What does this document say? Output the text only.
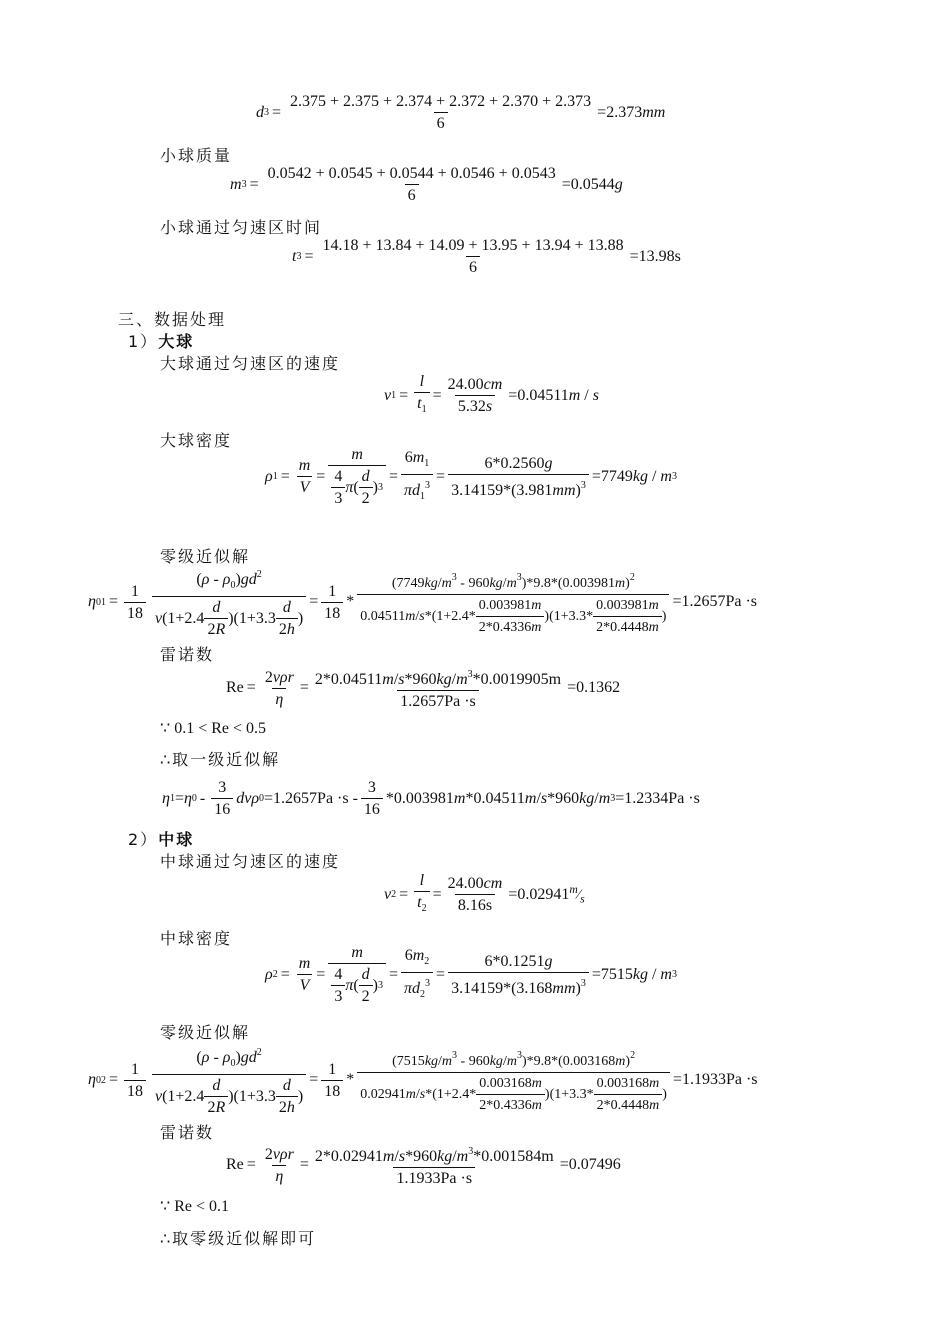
d $3 = \frac{2.375 + 2.375 + 2.374 + 2.372 + 2.370 + 2.373}{6} = 2.373$ mm
小球质量
m $3 = \frac{0.0542 + 0.0545 + 0.0544 + 0.0546 + 0.0543}{6} = 0.0544$ g
小球通过匀速区时间
t $3 = \frac{14.18 + 13.84 + 14.09 + 13.95 + 13.94 + 13.88}{6} = 13.98$ s
三、数据处理
1）大球
大球通过匀速区的速度
v $1 = \frac{l}{t_1} = \frac{24.00cm}{5.32s} = 0.04511$ m / s
大球密度
ρ $1 = \frac{m}{V} = \frac{m}{\frac{4}{3} \pi ( \frac{d}{2} ) 3} = \frac{6m_1}{\pi d_1^3} = \frac{6*0.2560g}{3.14159*(3.981mm)^3} = 7749$ kg / m 3
零级近似解
η $01 = \frac{1}{18} \frac{(\rho - \rho_0)gd^2}{v (1+2.4 \frac{d}{2R} )(1+3.3 \frac{d}{2h} )} = \frac{1}{18}$ *
$(7749kg/m^3 - 960kg/m^3)*9.8*(0.003981m)^2$
0.04511 m / s $*(1+2.4* \frac{0.003981m}{2*0.4336m} )(1+3.3* \frac{0.003981m}{2*0.4448m}$ )
=1.2657Pa ·s
雷诺数
$Re = \frac{\text{2vρr}}{\eta} = \frac{2*0.04511m/s*960kg/m^3*0.0019905m}{1.2657Pa \cdot s} = 0.1362$
∵ 0.1 < Re < 0.5
∴取一级近似解
η 1 = η $0 - \frac{3}{16}$ dvρ $0 =1.2657Pa \cdot s - \frac{3}{16} *0.003981$ m *0.04511 m / s *960 kg / m 3 =1.2334Pa ·s
2）中球
中球通过匀速区的速度
v $2 = \frac{l}{t_2} = \frac{24.00cm}{8.16s} = 0.02941$ $^m⁄_s$
中球密度
ρ $2 = \frac{m}{V} = \frac{m}{\frac{4}{3} \pi ( \frac{d}{2} ) 3} = \frac{6m_2}{\pi d_2^3} = \frac{6*0.1251g}{3.14159*(3.168mm)^3} = 7515$ kg / m 3
零级近似解
η $02 = \frac{1}{18} \frac{(\rho - \rho_0)gd^2}{v (1+2.4 \frac{d}{2R} )(1+3.3 \frac{d}{2h} )} = \frac{1}{18}$ *
$(7515kg/m^3 - 960kg/m^3)*9.8*(0.003168m)^2$
0.02941 m / s $*(1+2.4* \frac{0.003168m}{2*0.4336m} )(1+3.3* \frac{0.003168m}{2*0.4448m}$ )
=1.1933Pa ·s
雷诺数
$Re = \frac{\text{2vρr}}{\eta} = \frac{2*0.02941m/s*960kg/m^3*0.001584m}{1.1933Pa \cdot s} = 0.07496$
∵ Re < 0.1
∴取零级近似解即可
